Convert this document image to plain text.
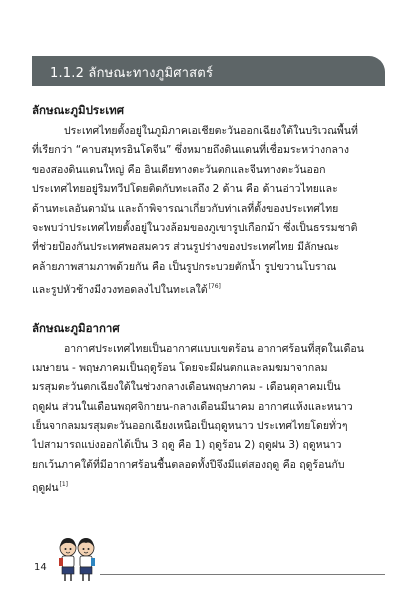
1.1.2 ลักษณะทางภูมิศาสตร์
ลักษณะภูมิประเทศ
ประเทศไทยตั้งอยู่ในภูมิภาคเอเชียตะวันออกเฉียงใต้ในบริเวณพื้นที่
ที่เรียกว่า “คาบสมุทรอินโดจีน” ซึ่งหมายถึงดินแดนที่เชื่อมระหว่างกลาง
ของสองดินแดนใหญ่ คือ อินเดียทางตะวันตกและจีนทางตะวันออก
ประเทศไทยอยู่ริมทวีปโดยติดกับทะเลถึง 2 ด้าน คือ ด้านอ่าวไทยและ
ด้านทะเลอันดามัน และถ้าพิจารณาเกี่ยวกับท่าเลที่ตั้งของประเทศไทย
จะพบว่าประเทศไทยตั้งอยู่ในวงล้อมของภูเขารูปเกือกม้า ซึ่งเป็นธรรมชาติ
ที่ช่วยป้องกันประเทศพอสมควร ส่วนรูปร่างของประเทศไทย มีลักษณะ
คล้ายภาพสามภาพด้วยกัน คือ เป็นรูปกระบวยตักน้ำ รูปขวานโบราณ
และรูปหัวช้างมีงวงทอดลงไปในทะเลใต้[76]
ลักษณะภูมิอากาศ
อากาศประเทศไทยเป็นอากาศแบบเขตร้อน อากาศร้อนที่สุดในเดือน
เมษายน - พฤษภาคมเป็นฤดูร้อน โดยจะมีฝนตกและลมฆมาจากลม
มรสุมตะวันตกเฉียงใต้ในช่วงกลางเดือนพฤษภาคม - เดือนตุลาคมเป็น
ฤดูฝน ส่วนในเดือนพฤศจิกายน-กลางเดือนมีนาคม อากาศแห้งและหนาว
เย็นจากลมมรสุมตะวันออกเฉียงเหนือเป็นฤดูหนาว ประเทศไทยโดยทั่วๆ
ไปสามารถแบ่งออกได้เป็น 3 ฤดู คือ 1) ฤดูร้อน 2) ฤดูฝน 3) ฤดูหนาว
ยกเว้นภาคใต้ที่มีอากาศร้อนชื้นตลอดทั้งปีจึงมีแต่สองฤดู คือ ฤดูร้อนกับ
ฤดูฝน[1]
14
